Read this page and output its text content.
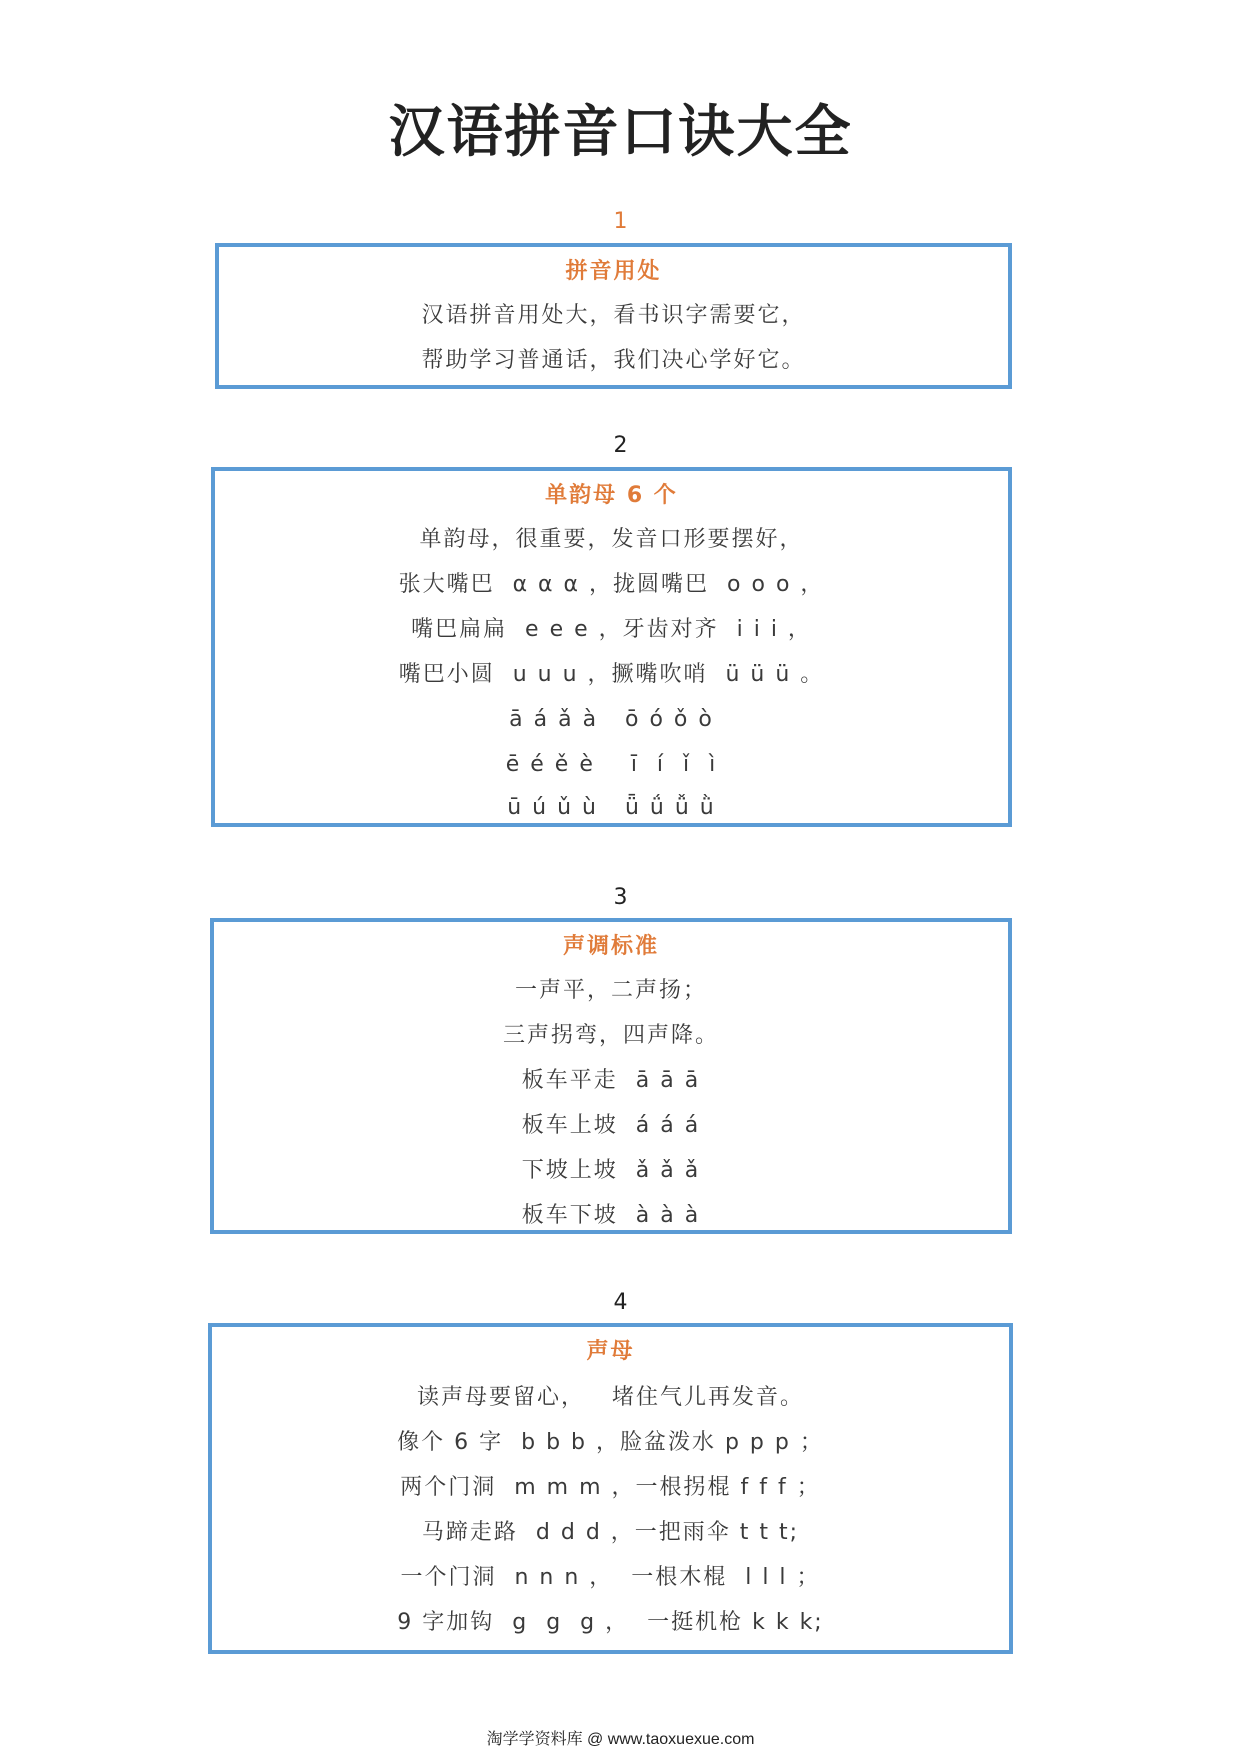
汉语拼音口诀大全
1
拼音用处
汉语拼音用处大，看书识字需要它，
帮助学习普通话，我们决心学好它。
2
单韵母 6 个
单韵母，很重要，发音口形要摆好，
张大嘴巴  α α α ，拢圆嘴巴  o o o ，
嘴巴扁扁  e e e ，牙齿对齐  i i i ，
嘴巴小圆  u u u ，撅嘴吹哨  ü ü ü 。
ā á ǎ à   ō ó ǒ ò
ē é ě è    ī  í  ǐ  ì
ū ú ǔ ù   ǖ ǘ ǚ ǜ
3
声调标准
一声平，二声扬；
三声拐弯，四声降。
板车平走  ā ā ā
板车上坡  á á á
下坡上坡  ǎ ǎ ǎ
板车下坡  à à à
4
声母
读声母要留心，   堵住气儿再发音。
像个 6 字  b b b ，脸盆泼水 p p p ；
两个门洞  m m m ，一根拐棍 f f f ；
马蹄走路  d d d ，一把雨伞 t t t;
一个门洞  n n n ，  一根木棍  l l l ；
9 字加钩  g  g  g ，  一挺机枪 k k k;
淘学学资料库 @ www.taoxuexue.com
